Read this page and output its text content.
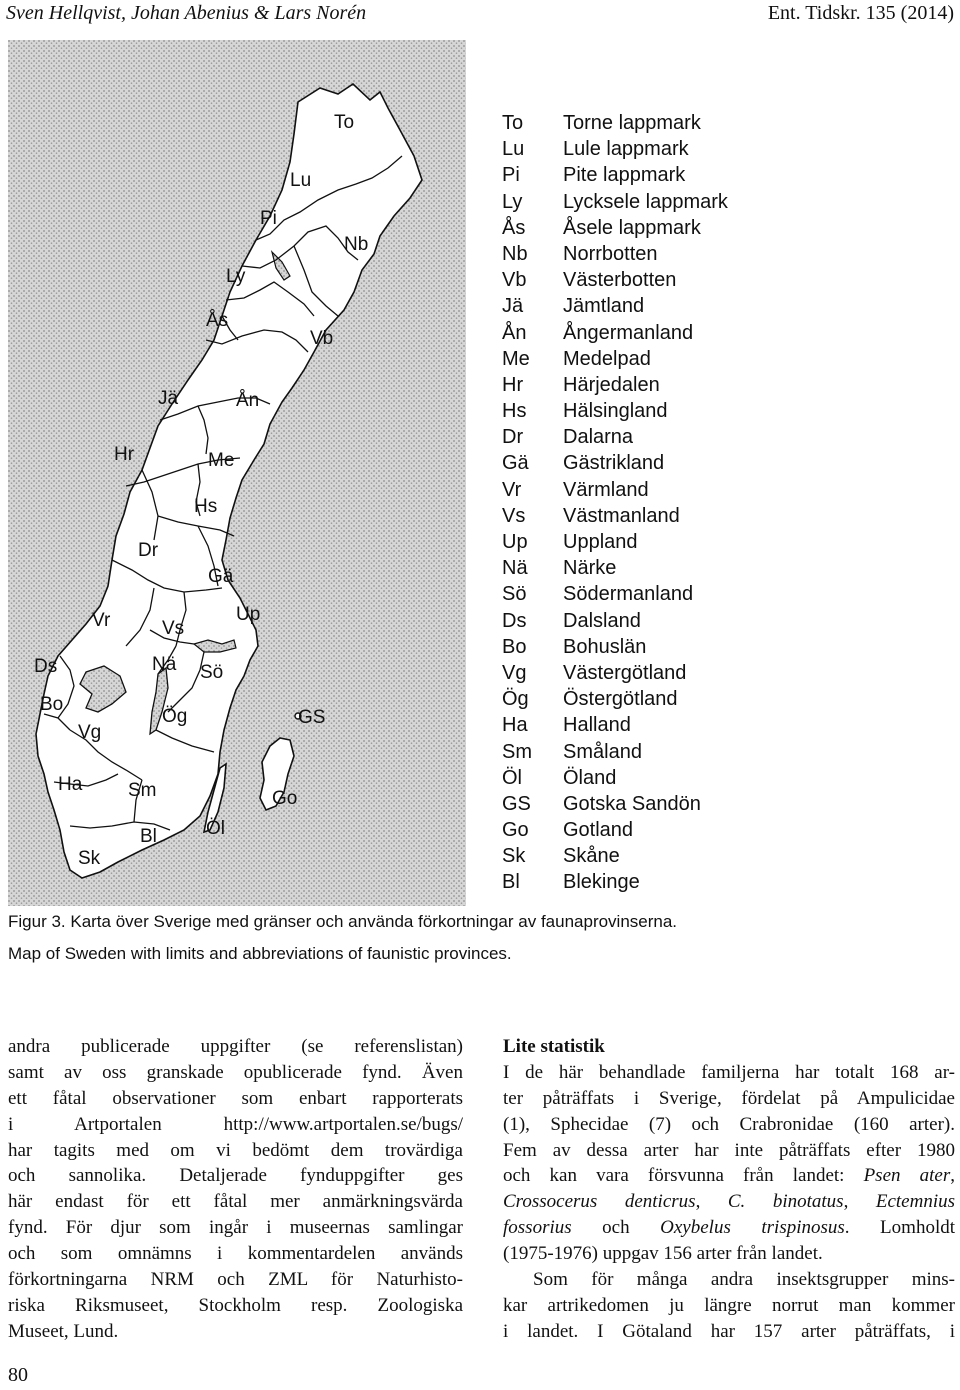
Sven Hellqvist, Johan Abenius & Lars Norén	Ent. Tidskr. 135 (2014)
To
Lu
Pi
Nb
Ly
Ås
Vb
Jä	Ån
Hr	Me
Hs
Dr
Gä
Vr	Vs
Up
Ds	Nä Sö
Bo
Vg
Ög	GS
Ha Sm	Go
Bl	Öl
Sk
To Torne lappmark
Lu Lule lappmark
Pi Pite lappmark
Ly Lycksele lappmark
Ås Åsele lappmark
Nb Norrbotten
Vb Västerbotten
Jä Jämtland
Ån Ångermanland
Me Medelpad
Hr Härjedalen
Hs Hälsingland
Dr Dalarna
Gä Gästrikland
Vr Värmland
Vs Västmanland
Up Uppland
Nä Närke
Sö Södermanland
Ds Dalsland
Bo Bohuslän
Vg Västergötland
Ög Östergötland
Ha Halland
Sm Småland
Öl Öland
GS Gotska Sandön
Go Gotland
Sk Skåne
Bl Blekinge
Figur 3. Karta över Sverige med gränser och använda förkortningar av faunaprovinserna.
Map of Sweden with limits and abbreviations of faunistic provinces.
andra publicerade uppgifter (se referenslistan)
samt av oss granskade opublicerade fynd. Även
ett fåtal observationer som enbart rapporterats
i Artportalen http://www.artportalen.se/bugs/
har tagits med om vi bedömt dem trovärdiga
och sannolika. Detaljerade fynduppgifter ges
här endast för ett fåtal mer anmärkningsvärda
fynd. För djur som ingår i museernas samlingar
och som omnämns i kommentardelen används
förkortningarna NRM och ZML för Naturhisto-
riska Riksmuseet, Stockholm resp. Zoologiska
Museet, Lund.
Lite statistik
I de här behandlade familjerna har totalt 168 ar-
ter påträffats i Sverige, fördelat på Ampulicidae
(1), Sphecidae (7) och Crabronidae (160 arter).
Fem av dessa arter har inte påträffats efter 1980
och kan vara försvunna från landet: Psen ater,
Crossocerus denticrus, C. binotatus, Ectemnius
fossorius och Oxybelus trispinosus. Lomholdt
(1975-1976) uppgav 156 arter från landet.
Som för många andra insektsgrupper mins-
kar artrikedomen ju längre norrut man kommer
i landet. I Götaland har 157 arter påträffats, i
80
